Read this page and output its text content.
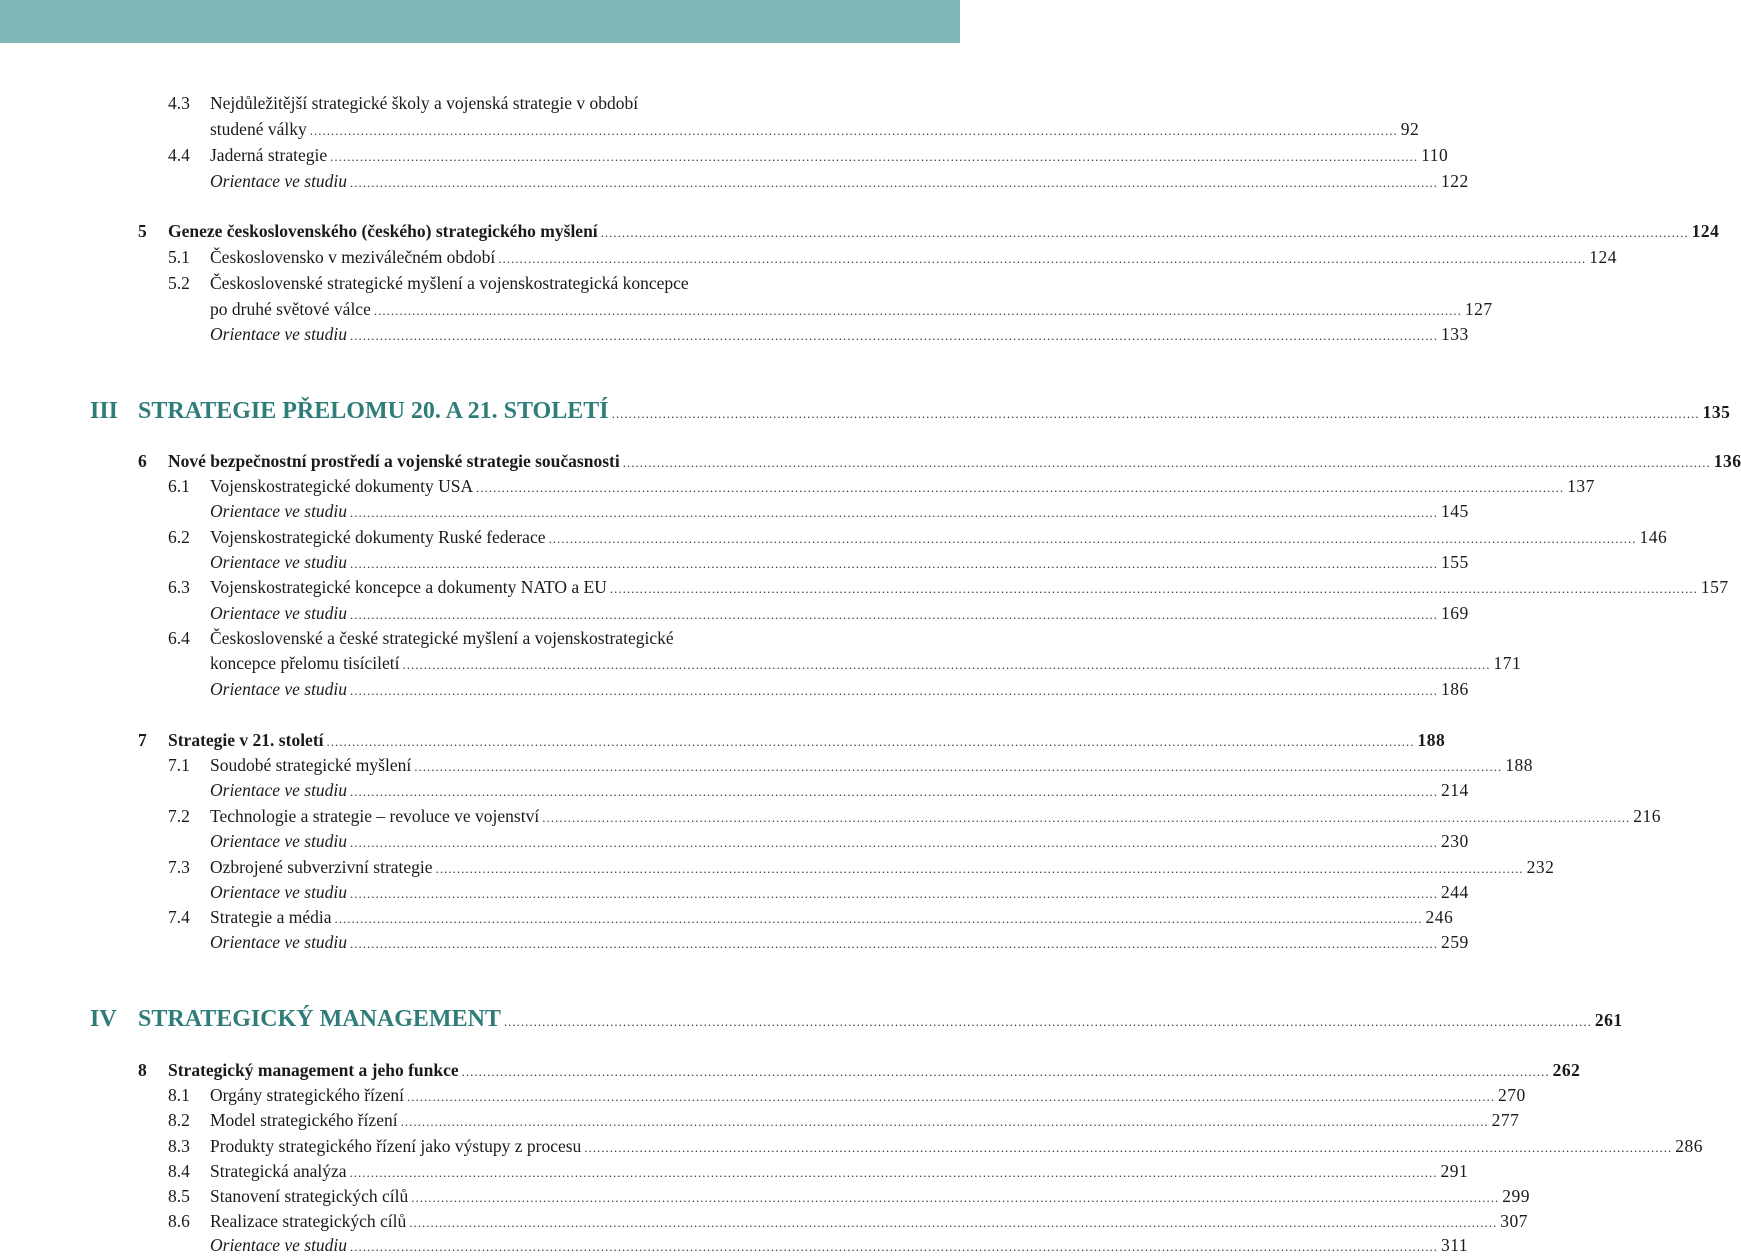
4.3 Nejdůležitější strategické školy a vojenská strategie v období
studené války .....	92
4.4 Jaderná strategie .....	110
Orientace ve studiu .....	122
5 Geneze československého (českého) strategického myšlení .....	124
5.1 Československo v meziválečném období .....	124
5.2 Československé strategické myšlení a vojenskostrategická koncepce
po druhé světové válce .....	127
Orientace ve studiu .....	133
III STRATEGIE PŘELOMU 20. A 21. STOLETÍ .....	135
6 Nové bezpečnostní prostředí a vojenské strategie současnosti .....	136
6.1 Vojenskostrategické dokumenty USA .....	137
Orientace ve studiu .....	145
6.2 Vojenskostrategické dokumenty Ruské federace .....	146
Orientace ve studiu .....	155
6.3 Vojenskostrategické koncepce a dokumenty NATO a EU .....	157
Orientace ve studiu .....	169
6.4 Československé a české strategické myšlení a vojenskostrategické
koncepce přelomu tisíciletí .....	171
Orientace ve studiu .....	186
7 Strategie v 21. století .....	188
7.1 Soudobé strategické myšlení .....	188
Orientace ve studiu .....	214
7.2 Technologie a strategie – revoluce ve vojenství .....	216
Orientace ve studiu .....	230
7.3 Ozbrojené subverzivní strategie .....	232
Orientace ve studiu .....	244
7.4 Strategie a média .....	246
Orientace ve studiu .....	259
IV STRATEGICKÝ MANAGEMENT .....	261
8 Strategický management a jeho funkce .....	262
8.1 Orgány strategického řízení .....	270
8.2 Model strategického řízení .....	277
8.3 Produkty strategického řízení jako výstupy z procesu .....	286
8.4 Strategická analýza .....	291
8.5 Stanovení strategických cílů .....	299
8.6 Realizace strategických cílů .....	307
Orientace ve studiu .....	311
